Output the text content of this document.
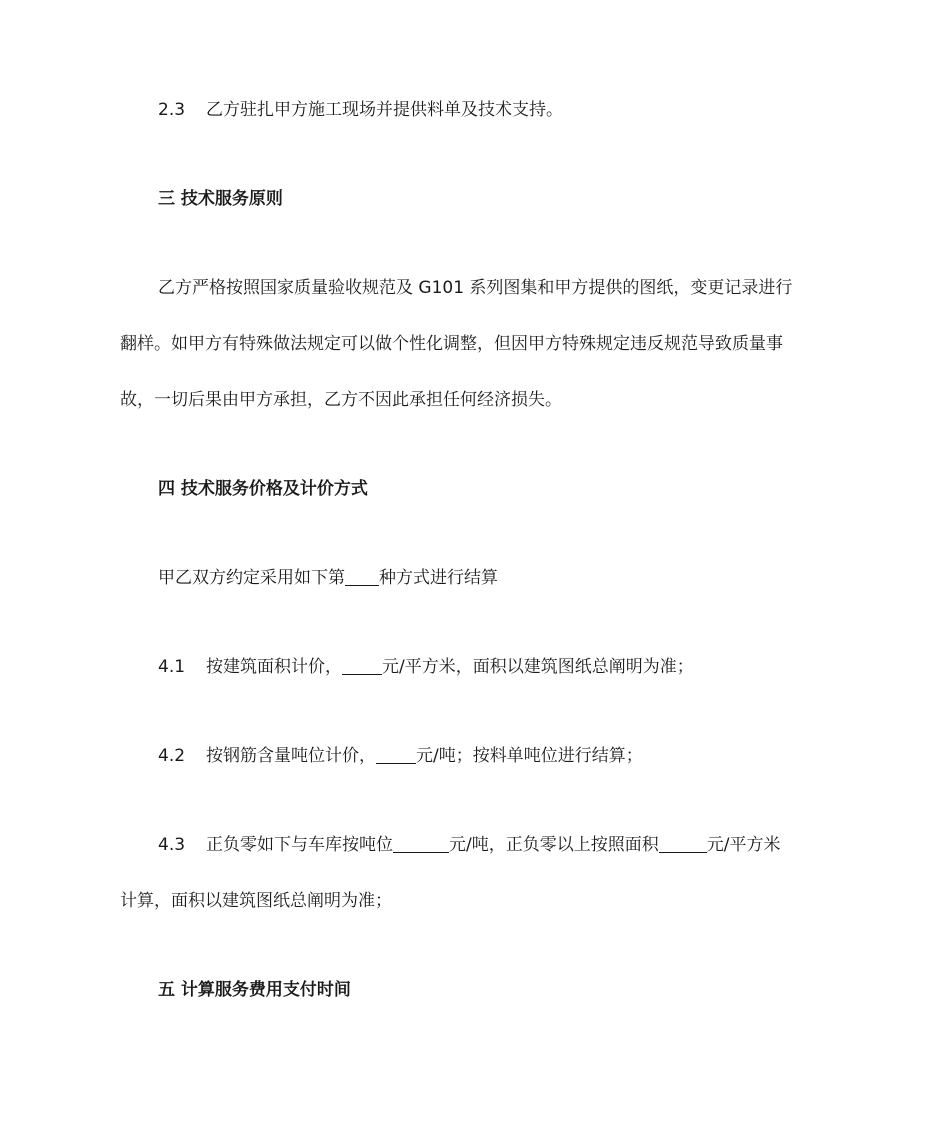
2.3 乙方驻扎甲方施工现场并提供料单及技术支持。
三 技术服务原则
乙方严格按照国家质量验收规范及 G101 系列图集和甲方提供的图纸，变更记录进行
翻样。如甲方有特殊做法规定可以做个性化调整，但因甲方特殊规定违反规范导致质量事
故，一切后果由甲方承担，乙方不因此承担任何经济损失。
四 技术服务价格及计价方式
甲乙双方约定采用如下第 种方式进行结算
4.1 按建筑面积计价， 元/平方米，面积以建筑图纸总阐明为准；
4.2 按钢筋含量吨位计价， 元/吨；按料单吨位进行结算；
4.3 正负零如下与车库按吨位	元/吨，正负零以上按照面积	元/平方米
计算，面积以建筑图纸总阐明为准；
五 计算服务费用支付时间
